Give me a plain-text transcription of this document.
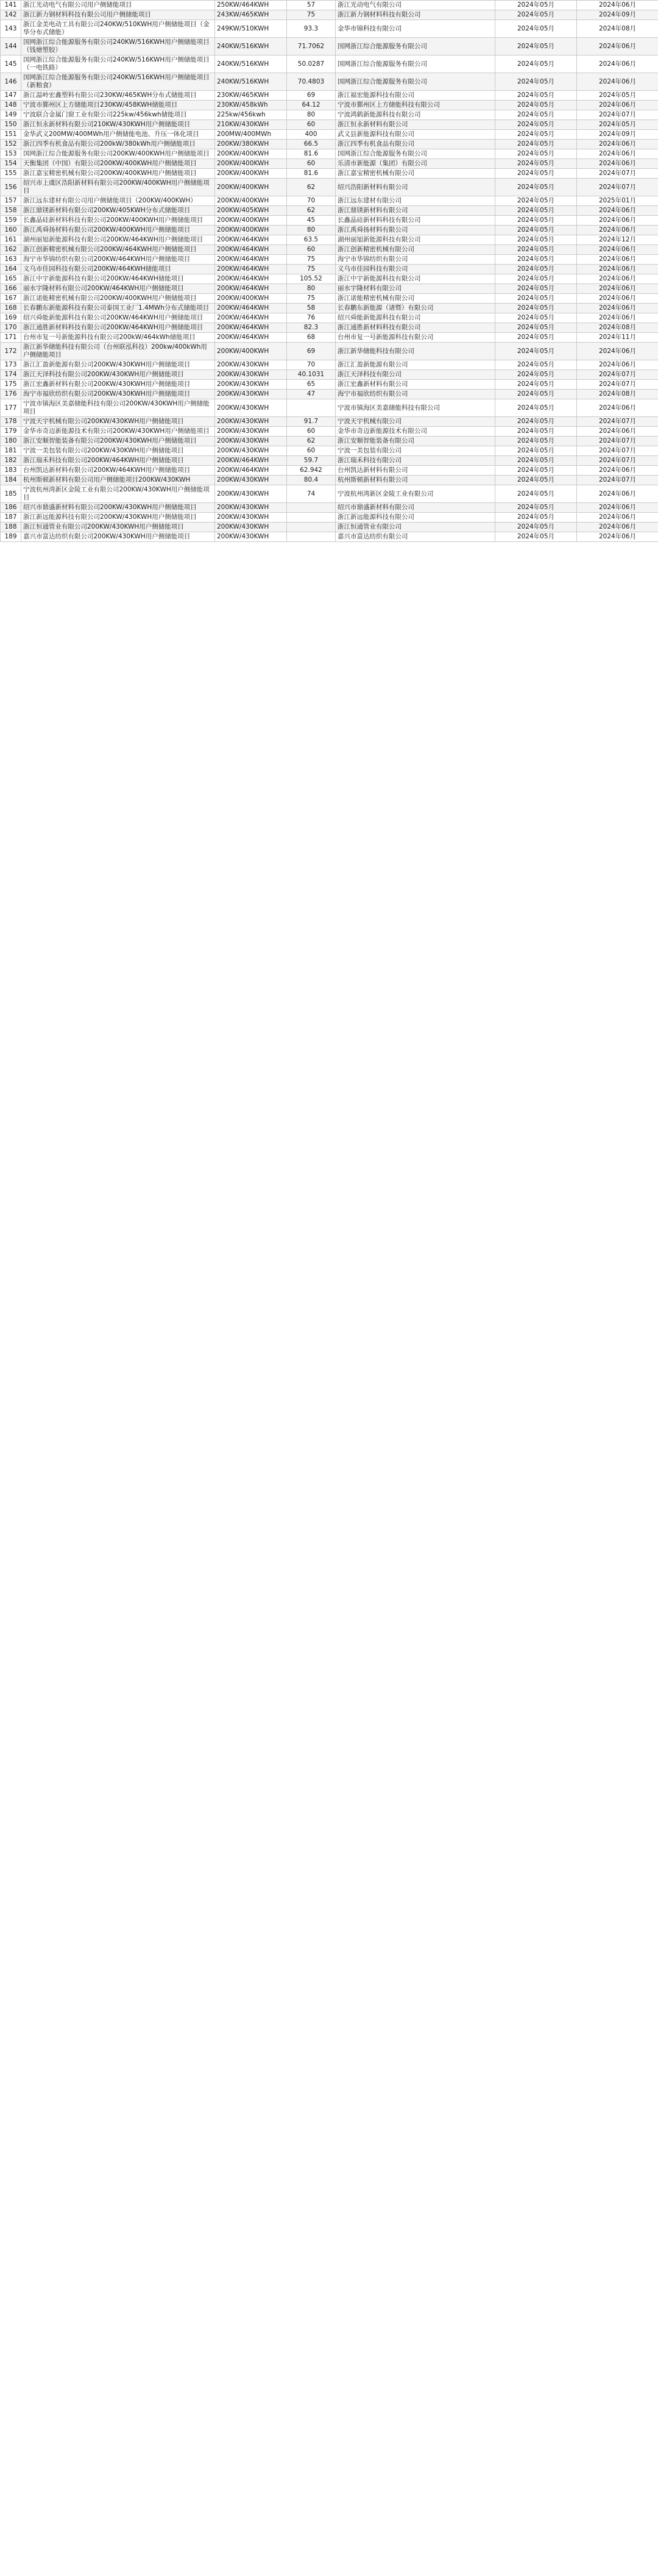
141	浙江光动电气有限公司用户侧储能项目	250KW/464KWH	57	浙江光动电气有限公司	2024年05月	2024年06月
142	浙江新力钢材料科技有限公司用户侧储能项目	243KW/465KWH	75	浙江新力钢材料科技有限公司	2024年05月	2024年09月
143	浙江金美电动工具有限公司240KW/510KWH用户侧储能项目（金华分布式储能）	249KW/510KWH	93.3	金华市锦科技有限公司	2024年05月	2024年08月
144	国网浙江综合能源服务有限公司240KW/516KWH用户侧储能项目（钱塘塑胶）	240KW/516KWH	71.7062	国网浙江综合能源服务有限公司	2024年05月	2024年06月
145	国网浙江综合能源服务有限公司240KW/516KWH用户侧储能项目（一电铁路）	240KW/516KWH	50.0287	国网浙江综合能源服务有限公司	2024年05月	2024年06月
146	国网浙江综合能源服务有限公司240KW/516KWH用户侧储能项目（新粮食）	240KW/516KWH	70.4803	国网浙江综合能源服务有限公司	2024年05月	2024年06月
147	浙江温岭宏鑫塑料有限公司230KW/465KWH分布式储能项目	230KW/465KWH	69	浙江福宏能源科技有限公司	2024年05月	2024年05月
148	宁波市鄞州区上方储能项目230KW/458KWH储能项目	230KW/458kWh	64.12	宁波市鄞州区上方储能科技有限公司	2024年05月	2024年06月
149	宁波联合金属门窗工业有限公司225kw/456kwh储能项目	225kw/456kwh	80	宁波鸿鹤新能源科技有限公司	2024年05月	2024年07月
150	浙江恒永新材料有限公司210KW/430KWH用户侧储能项目	210KW/430KWH	60	浙江恒永新材料有限公司	2024年05月	2024年05月
151	金华武义200MW/400MWh用户侧储能电池、升压一体化项目	200MW/400MWh	400	武义县新能源科技有限公司	2024年05月	2024年09月
152	浙江四季有机食品有限公司200kW/380kWh用户侧储能项目	200KW/380KWH	66.5	浙江四季有机食品有限公司	2024年05月	2024年06月
153	国网浙江综合能源服务有限公司200KW/400KWH用户侧储能项目	200KW/400KWH	81.6	国网浙江综合能源服务有限公司	2024年05月	2024年06月
154	天衡集团（中国）有限公司200KW/400KWH用户侧储能项目	200KW/400KWH	60	乐清市新能源（集团）有限公司	2024年05月	2024年06月
155	浙江嘉宝精密机械有限公司200KW/400KWH用户侧储能项目	200KW/400KWH	81.6	浙江嘉宝精密机械有限公司	2024年05月	2024年07月
156	绍兴市上虞区浩阳新材料有限公司200KW/400KWH用户侧储能项目	200KW/400KWH	62	绍兴浩阳新材料有限公司	2024年05月	2024年07月
157	浙江远东建材有限公司用户侧储能项目（200KW/400KWH）	200KW/400KWH	70	浙江远东建材有限公司	2024年05月	2025年01月
158	浙江鼎镁新材料有限公司200KW/405KWH分布式储能项目	200KW/405KWH	62	浙江鼎镁新材料有限公司	2024年05月	2024年06月
159	长鑫晶硅新材料科技有限公司200KW/400KWH用户侧储能项目	200KW/400KWH	45	长鑫晶硅新材料科技有限公司	2024年05月	2024年06月
160	浙江禹舜扬材料有限公司200KW/400KWH用户侧储能项目	200KW/400KWH	80	浙江禹舜扬材料有限公司	2024年05月	2024年06月
161	湖州丽旭新能源科技有限公司200KW/464KWH用户侧储能项目	200KW/464KWH	63.5	湖州丽旭新能源科技有限公司	2024年05月	2024年12月
162	浙江创新精密机械有限公司200KW/464KWH用户侧储能项目	200KW/464KWH	60	浙江创新精密机械有限公司	2024年05月	2024年06月
163	海宁市华锦纺织有限公司200KW/464KWH用户侧储能项目	200KW/464KWH	75	海宁市华锦纺织有限公司	2024年05月	2024年06月
164	义乌市佳园科技有限公司200KW/464KWH储能项目	200KW/464KWH	75	义乌市佳园科技有限公司	2024年05月	2024年06月
165	浙江中宇新能源科技有限公司200KW/464KWH储能项目	200KW/464KWH	105.52	浙江中宇新能源科技有限公司	2024年05月	2024年06月
166	丽水宇隆材料有限公司200KW/464KWH用户侧储能项目	200KW/464KWH	80	丽水宇隆材料有限公司	2024年05月	2024年06月
167	浙江诺能精密机械有限公司200KW/400KWH用户侧储能项目	200KW/400KWH	75	浙江诺能精密机械有限公司	2024年05月	2024年06月
168	长春鹏东新能源科技有限公司泰国工业厂1.4MWh分布式储能项目	200KW/464KWH	58	长春鹏东新能源（诸暨）有限公司	2024年05月	2024年06月
169	绍兴舜能新能源科技有限公司200KW/464KWH用户侧储能项目	200KW/464KWH	76	绍兴舜能新能源科技有限公司	2024年05月	2024年06月
170	浙江通胜新材料科技有限公司200KW/464KWH用户侧储能项目	200KW/464KWH	82.3	浙江通胜新材料科技有限公司	2024年05月	2024年08月
171	台州市复一号新能源科技有限公司200kW/464kWh储能项目	200KW/464KWH	68	台州市复一号新能源科技有限公司	2024年05月	2024年11月
172	浙江新华储能科技有限公司（台州联泓科技）200kw/400kWh用户侧储能项目	200KW/400KWH	69	浙江新华储能科技有限公司	2024年05月	2024年06月
173	浙江汇盈新能源有限公司200KW/430KWH用户侧储能项目	200KW/430KWH	70	浙江汇盈新能源有限公司	2024年05月	2024年06月
174	浙江天泽科技有限公司200KW/430KWH用户侧储能项目	200KW/430KWH	40.1031	浙江天泽科技有限公司	2024年05月	2024年07月
175	浙江宏鑫新材料有限公司200KW/430KWH用户侧储能项目	200KW/430KWH	65	浙江宏鑫新材料有限公司	2024年05月	2024年07月
176	海宁市福欣纺织有限公司200KW/430KWH用户侧储能项目	200KW/430KWH	47	海宁市福欣纺织有限公司	2024年05月	2024年08月
177	宁波市镇海区美嘉储能科技有限公司200KW/430KWH用户侧储能项目	200KW/430KWH		宁波市镇海区美嘉储能科技有限公司	2024年05月	2024年06月
178	宁波天宇机械有限公司200KW/430KWH用户侧储能项目	200KW/430KWH	91.7	宁波天宇机械有限公司	2024年05月	2024年07月
179	金华市奇迈新能源技术有限公司200KW/430KWH用户侧储能项目	200KW/430KWH	60	金华市奇迈新能源技术有限公司	2024年05月	2024年06月
180	浙江安顺智能装备有限公司200KW/430KWH用户侧储能项目	200KW/430KWH	62	浙江安顺智能装备有限公司	2024年05月	2024年07月
181	宁波一美包装有限公司200KW/430KWH用户侧储能项目	200KW/430KWH	60	宁波一美包装有限公司	2024年05月	2024年07月
182	浙江瑞禾科技有限公司200KW/464KWH用户侧储能项目	200KW/464KWH	59.7	浙江瑞禾科技有限公司	2024年05月	2024年07月
183	台州凯达新材料有限公司200KW/464KWH用户侧储能项目	200KW/464KWH	62.942	台州凯达新材料有限公司	2024年05月	2024年06月
184	杭州斯顿新材料有限公司用户侧储能项目200KW/430KWH	200KW/430KWH	80.4	杭州斯顿新材料有限公司	2024年05月	2024年07月
185	宁波杭州湾新区金陵工业有限公司200KW/430KWH用户侧储能项目	200KW/430KWH	74	宁波杭州湾新区金陵工业有限公司	2024年05月	2024年06月
186	绍兴市鼎盛新材料有限公司200KW/430KWH用户侧储能项目	200KW/430KWH		绍兴市鼎盛新材料有限公司	2024年05月	2024年06月
187	浙江新远能源科技有限公司200KW/430KWH用户侧储能项目	200KW/430KWH		浙江新远能源科技有限公司	2024年05月	2024年06月
188	浙江恒通管业有限公司200KW/430KWH用户侧储能项目	200KW/430KWH		浙江恒通管业有限公司	2024年05月	2024年06月
189	嘉兴市富达纺织有限公司200KW/430KWH用户侧储能项目	200KW/430KWH		嘉兴市富达纺织有限公司	2024年05月	2024年06月
